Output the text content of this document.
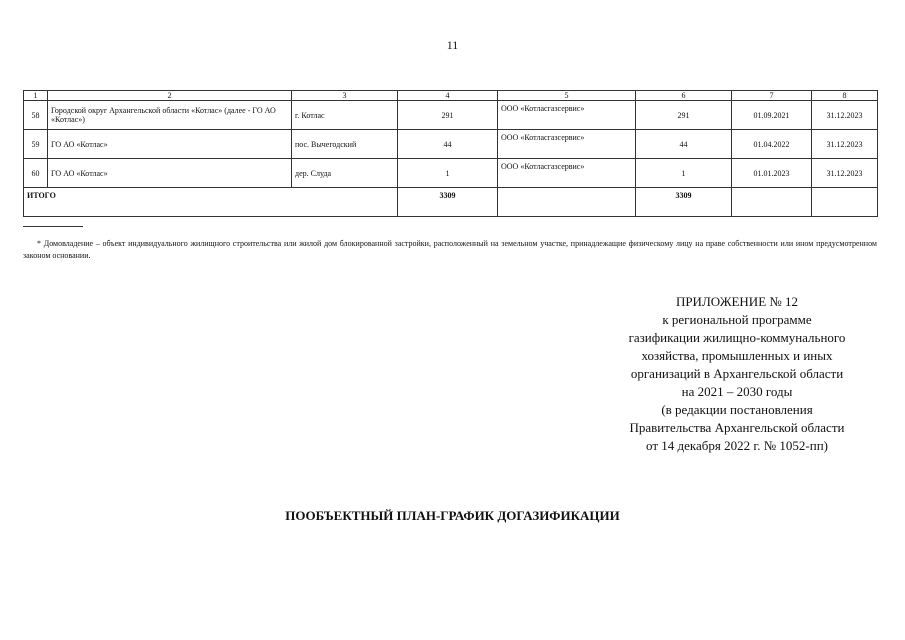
11
1	2	3	4	5	6	7	8
58	Городской округ Архангельской области «Котлас» (далее - ГО АО «Котлас»)	г. Котлас	291	ООО «Котласгазсервис»	291	01.09.2021	31.12.2023
59	ГО АО «Котлас»	пос. Вычегодский	44	ООО «Котласгазсервис»	44	01.04.2022	31.12.2023
60	ГО АО «Котлас»	дер. Слуда	1	ООО «Котласгазсервис»	1	01.01.2023	31.12.2023
ИТОГО			3309		3309		
* Домовладение – объект индивидуального жилищного строительства или жилой дом блокированной застройки, расположенный на земельном участке, принадлежащие физическому лицу на праве собственности или ином предусмотренном законом основании.
ПРИЛОЖЕНИЕ № 12
к региональной программе
газификации жилищно-коммунального
хозяйства, промышленных и иных
организаций в Архангельской области
на 2021 – 2030 годы
(в редакции постановления
Правительства Архангельской области
от 14 декабря 2022 г. № 1052-пп)
ПООБЪЕКТНЫЙ ПЛАН-ГРАФИК ДОГАЗИФИКАЦИИ
